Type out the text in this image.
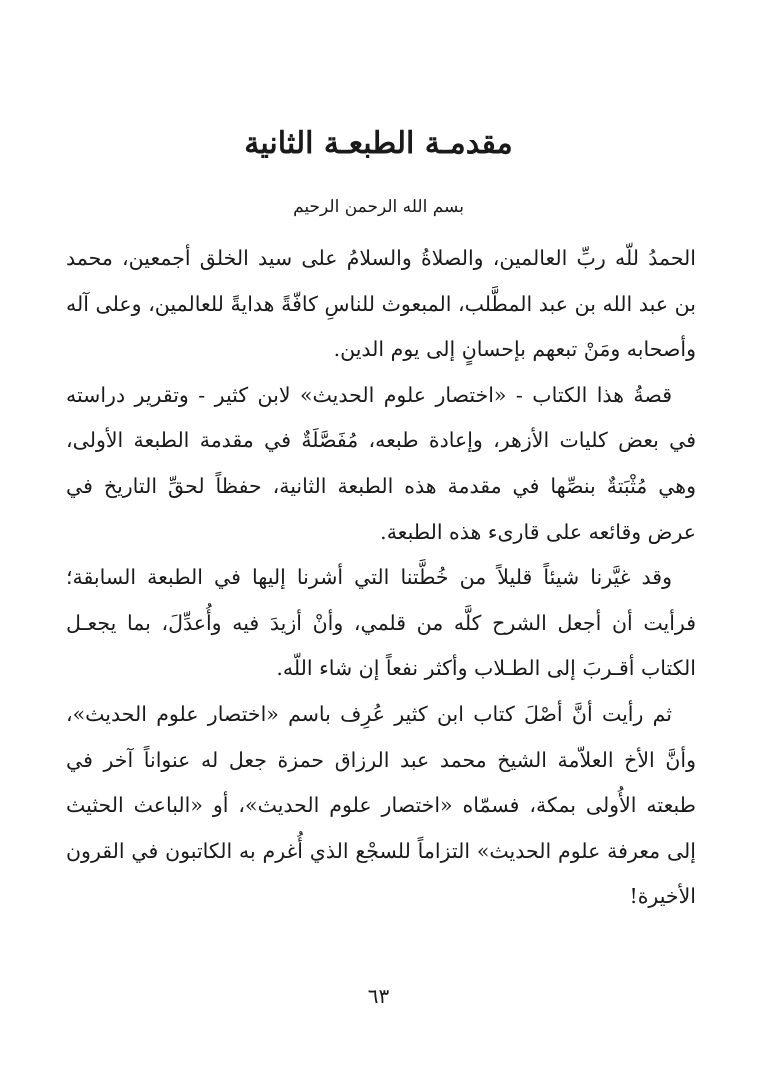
مقدمـة الطبعـة الثانية

بسم الله الرحمن الرحيم

الحمدُ للّه ربِّ العالمين، والصلاةُ والسلامُ على سيد الخلق أجمعين، محمد بن عبد الله بن عبد المطَّلب، المبعوث للناسِ كافّةً هدايةً للعالمين، وعلى آله وأصحابه ومَنْ تبعهم بإحسانٍ إلى يوم الدين.

قصةُ هذا الكتاب - «اختصار علوم الحديث» لابن كثير - وتقرير دراسته في بعض كليات الأزهر، وإعادة طبعه، مُفَصَّلَةٌ في مقدمة الطبعة الأولى، وهي مُثْبَتةٌ بنصِّها في مقدمة هذه الطبعة الثانية، حفظاً لحقِّ التاريخ في عرض وقائعه على قارىء هذه الطبعة.

وقد غيَّرنا شيئاً قليلاً من خُطَّتنا التي أشرنا إليها في الطبعة السابقة؛ فرأيت أن أجعل الشرح كلَّه من قلمي، وأنْ أزيدَ فيه وأُعدِّلَ، بما يجعـل الكتاب أقـربَ إلى الطـلاب وأكثر نفعاً إن شاء اللّه.

ثم رأيت أنَّ أصْلَ كتاب ابن كثير عُرِف باسم «اختصار علوم الحديث»، وأنَّ الأخ العلاّمة الشيخ محمد عبد الرزاق حمزة جعل له عنواناً آخر في طبعته الأُولى بمكة، فسمّاه «اختصار علوم الحديث»، أو «الباعث الحثيث إلى معرفة علوم الحديث» التزاماً للسجْع الذي أُغرم به الكاتبون في القرون الأخيرة!

٦٣
